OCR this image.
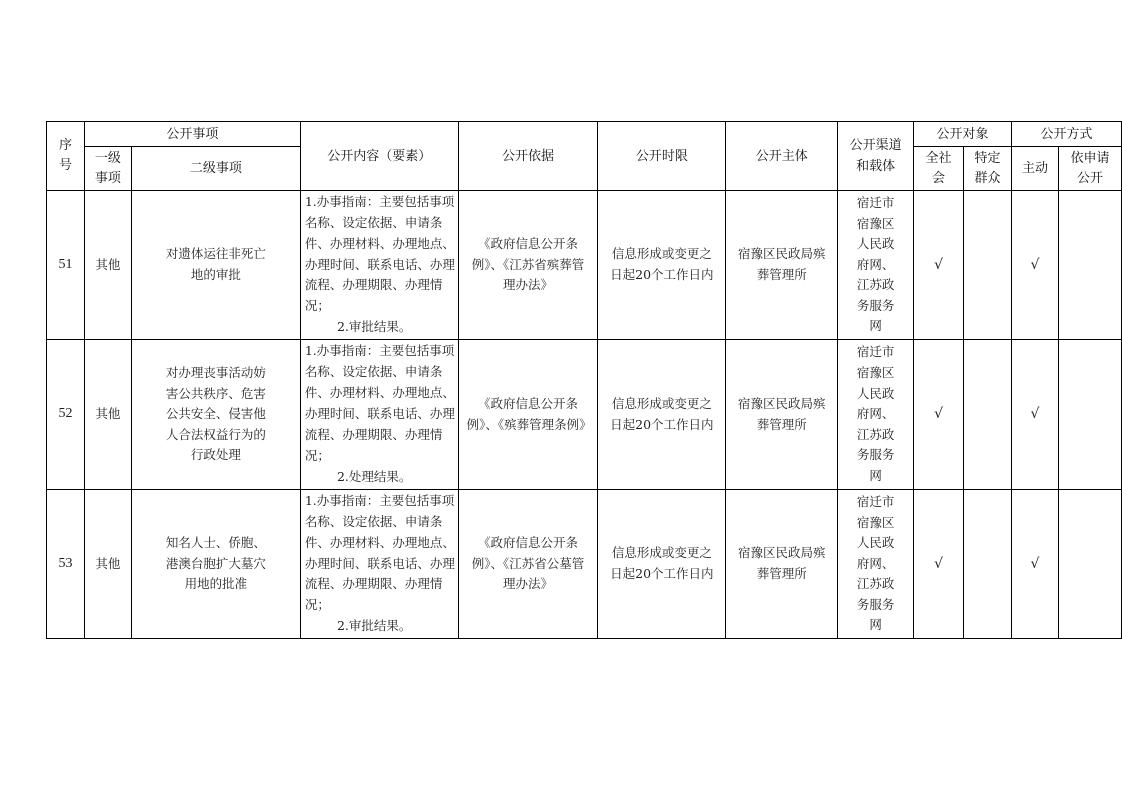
序号	公开事项		公开内容（要素）	公开依据	公开时限	公开主体	公开渠道和载体	公开对象		公开方式	
	一级事项	二级事项						全社会	特定群众	主动	依申请公开
51	其他	对遗体运往非死亡地的审批	1.办事指南：主要包括事项名称、设定依据、申请条件、办理材料、办理地点、办理时间、联系电话、办理流程、办理期限、办理情况；
2.审批结果。	《政府信息公开条例》、《江苏省殡葬管理办法》	信息形成或变更之日起20个工作日内	宿豫区民政局殡葬管理所	宿迁市宿豫区人民政府网、江苏政务服务网	√		√	
52	其他	对办理丧事活动妨害公共秩序、危害公共安全、侵害他人合法权益行为的行政处理	1.办事指南：主要包括事项名称、设定依据、申请条件、办理材料、办理地点、办理时间、联系电话、办理流程、办理期限、办理情况；
2.处理结果。	《政府信息公开条例》、《殡葬管理条例》	信息形成或变更之日起20个工作日内	宿豫区民政局殡葬管理所	宿迁市宿豫区人民政府网、江苏政务服务网	√		√	
53	其他	知名人士、侨胞、港澳台胞扩大墓穴用地的批准	1.办事指南：主要包括事项名称、设定依据、申请条件、办理材料、办理地点、办理时间、联系电话、办理流程、办理期限、办理情况；
2.审批结果。	《政府信息公开条例》、《江苏省公墓管理办法》	信息形成或变更之日起20个工作日内	宿豫区民政局殡葬管理所	宿迁市宿豫区人民政府网、江苏政务服务网	√		√	
